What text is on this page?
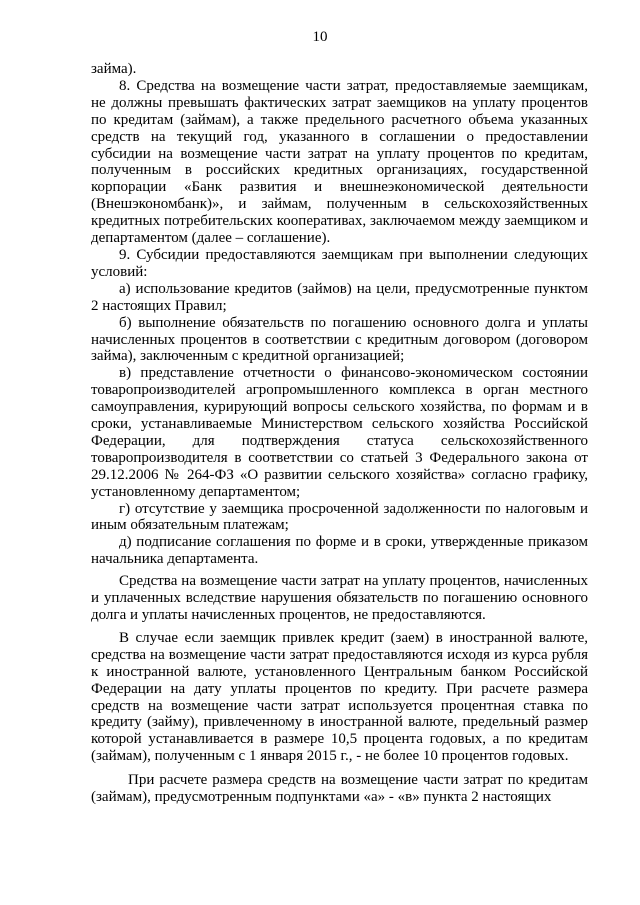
10

займа).

8. Средства на возмещение части затрат, предоставляемые заемщикам, не должны превышать фактических затрат заемщиков на уплату процентов по кредитам (займам), а также предельного расчетного объема указанных средств на текущий год, указанного в соглашении о предоставлении субсидии на возмещение части затрат на уплату процентов по кредитам, полученным в российских кредитных организациях, государственной корпорации «Банк развития и внешнеэкономической деятельности (Внешэкономбанк)», и займам, полученным в сельскохозяйственных кредитных потребительских кооперативах, заключаемом между заемщиком и департаментом (далее – соглашение).

9. Субсидии предоставляются заемщикам при выполнении следующих условий:

а) использование кредитов (займов) на цели, предусмотренные пунктом 2 настоящих Правил;

б) выполнение обязательств по погашению основного долга и уплаты начисленных процентов в соответствии с кредитным договором (договором займа), заключенным с кредитной организацией;

в) представление отчетности о финансово-экономическом состоянии товаропроизводителей агропромышленного комплекса в орган местного самоуправления, курирующий вопросы сельского хозяйства, по формам и в сроки, устанавливаемые Министерством сельского хозяйства Российской Федерации, для подтверждения статуса сельскохозяйственного товаропроизводителя в соответствии со статьей 3 Федерального закона от 29.12.2006 № 264-ФЗ «О развитии сельского хозяйства» согласно графику, установленному департаментом;

г) отсутствие у заемщика просроченной задолженности по налоговым и иным обязательным платежам;

д) подписание соглашения по форме и в сроки, утвержденные приказом начальника департамента.

Средства на возмещение части затрат на уплату процентов, начисленных и уплаченных вследствие нарушения обязательств по погашению основного долга и уплаты начисленных процентов, не предоставляются.

В случае если заемщик привлек кредит (заем) в иностранной валюте, средства на возмещение части затрат предоставляются исходя из курса рубля к иностранной валюте, установленного Центральным банком Российской Федерации на дату уплаты процентов по кредиту. При расчете размера средств на возмещение части затрат используется процентная ставка по кредиту (займу), привлеченному в иностранной валюте, предельный размер которой устанавливается в размере 10,5 процента годовых, а по кредитам (займам), полученным с 1 января 2015 г., - не более 10 процентов годовых.

При расчете размера средств на возмещение части затрат по кредитам (займам), предусмотренным подпунктами «а» - «в» пункта 2 настоящих
